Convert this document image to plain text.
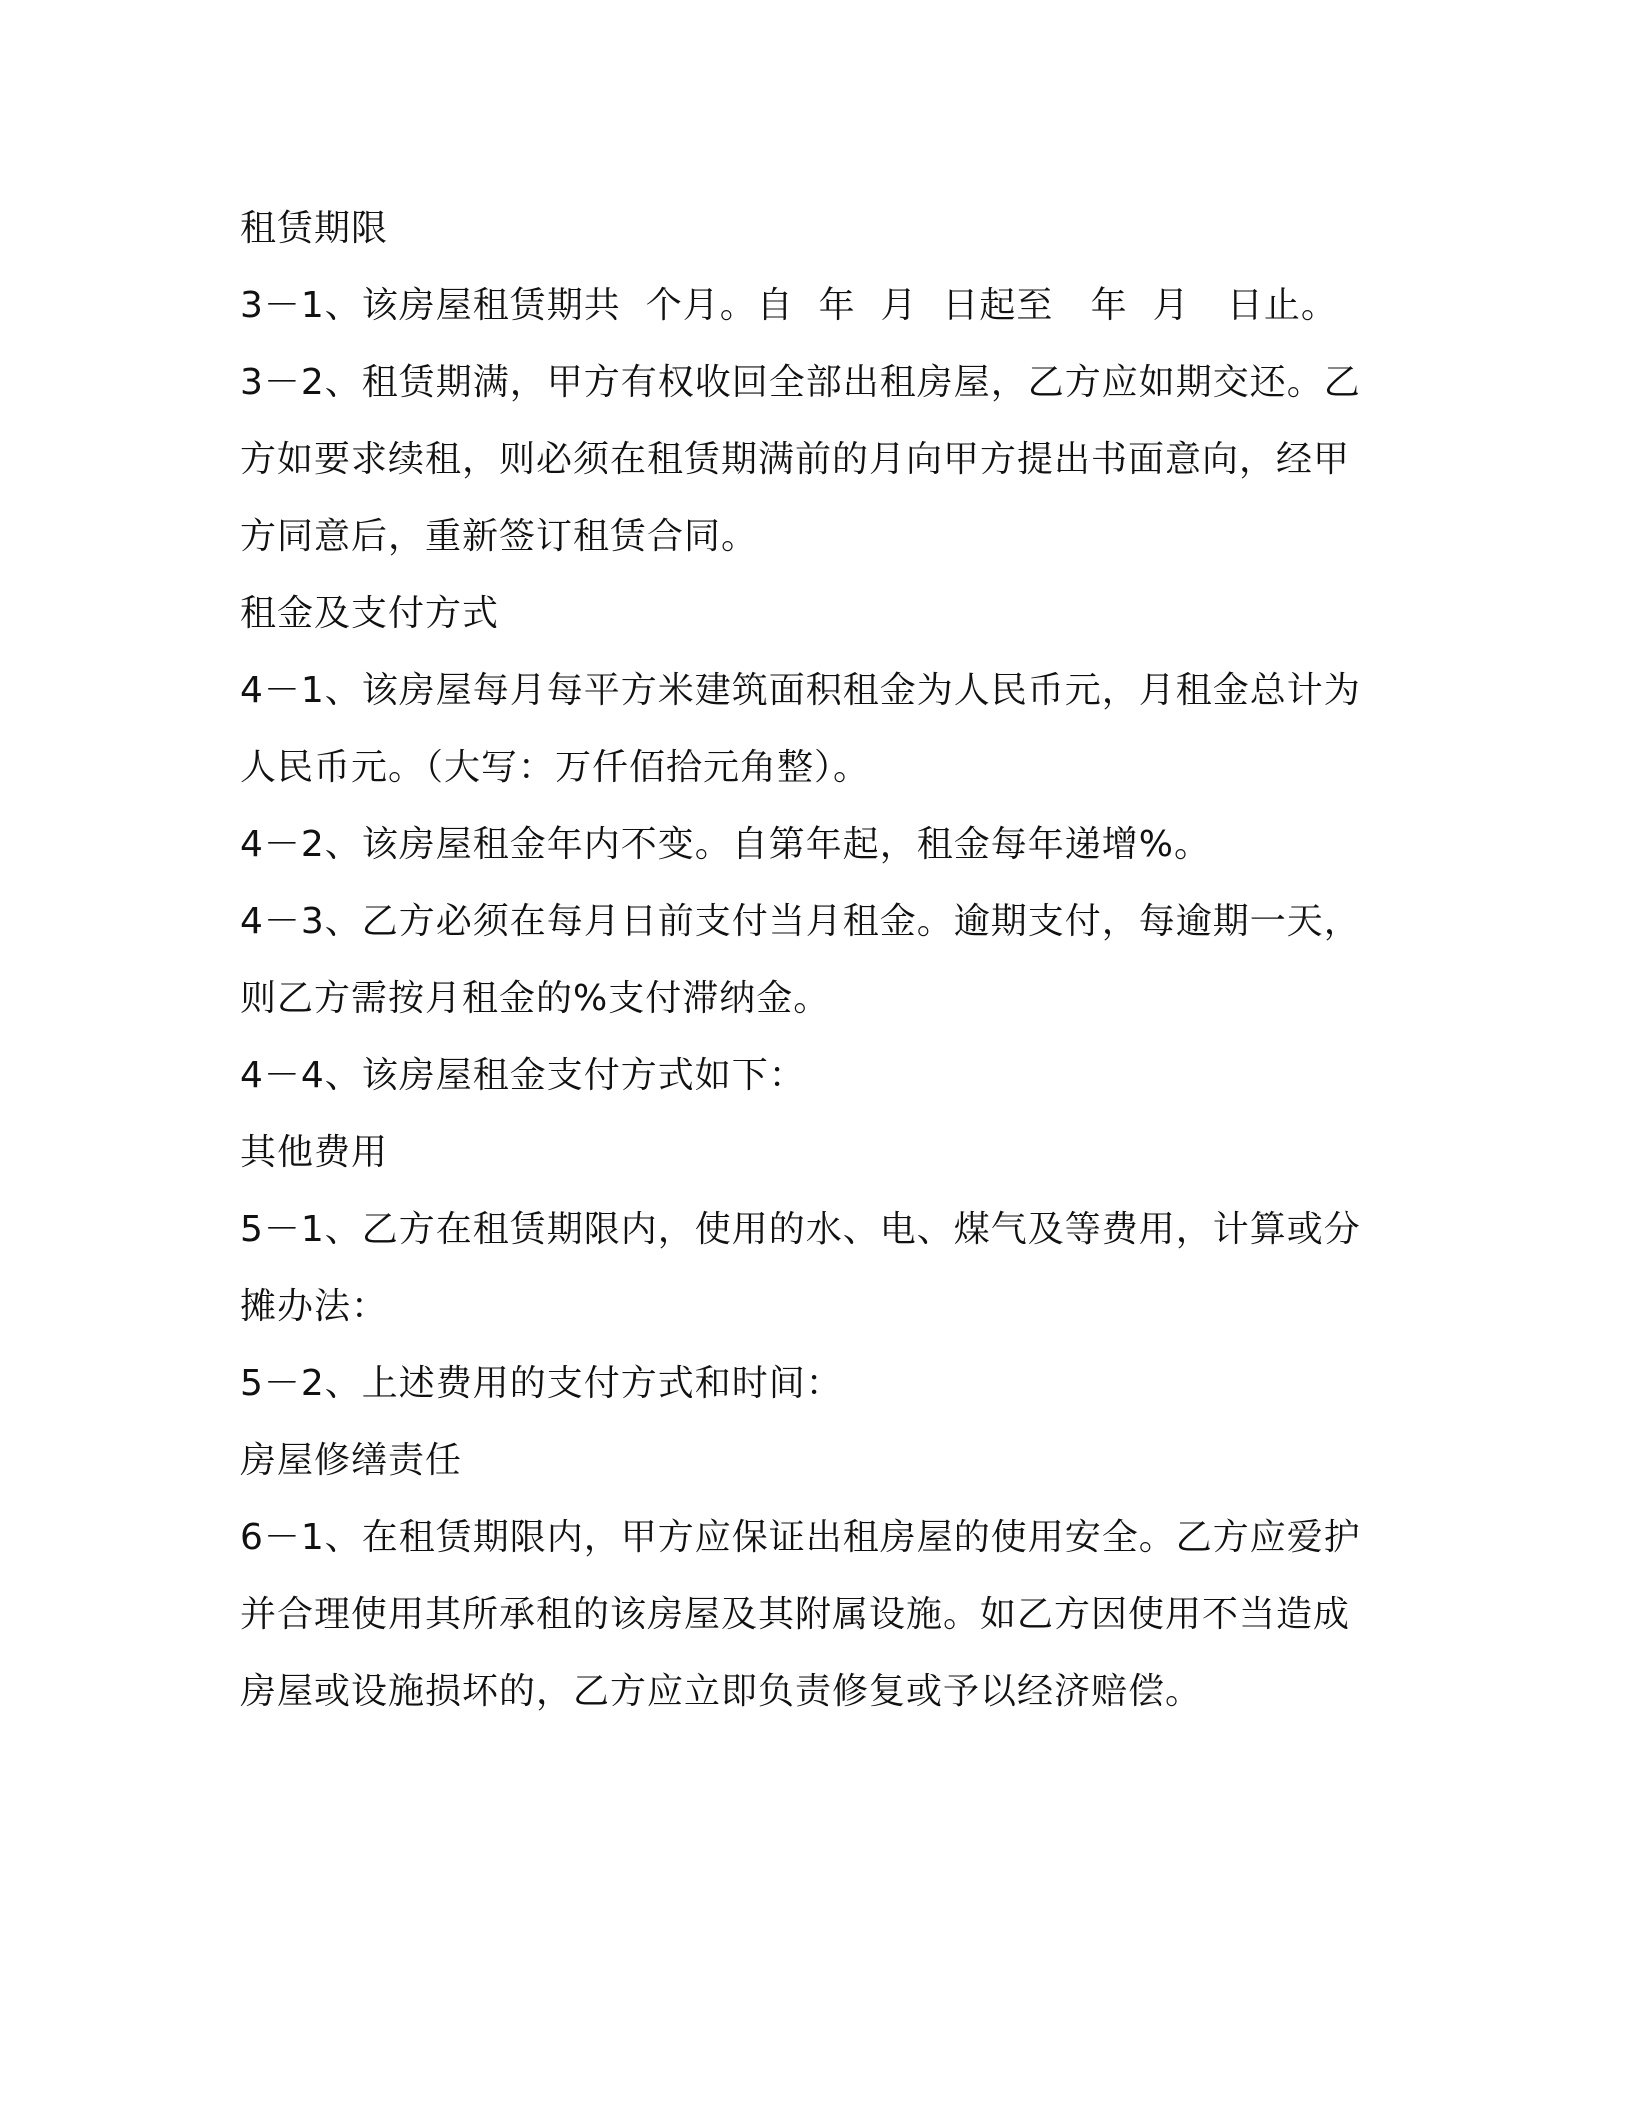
租赁期限
3－1、该房屋租赁期共  个月。自  年  月  日起至   年  月   日止。
3－2、租赁期满，甲方有权收回全部出租房屋，乙方应如期交还。乙
方如要求续租，则必须在租赁期满前的月向甲方提出书面意向，经甲
方同意后，重新签订租赁合同。
租金及支付方式
4－1、该房屋每月每平方米建筑面积租金为人民币元，月租金总计为
人民币元。（大写：万仟佰拾元角整）。
4－2、该房屋租金年内不变。自第年起，租金每年递增%。
4－3、乙方必须在每月日前支付当月租金。逾期支付，每逾期一天，
则乙方需按月租金的%支付滞纳金。
4－4、该房屋租金支付方式如下：
其他费用
5－1、乙方在租赁期限内，使用的水、电、煤气及等费用，计算或分
摊办法：
5－2、上述费用的支付方式和时间：
房屋修缮责任
6－1、在租赁期限内，甲方应保证出租房屋的使用安全。乙方应爱护
并合理使用其所承租的该房屋及其附属设施。如乙方因使用不当造成
房屋或设施损坏的，乙方应立即负责修复或予以经济赔偿。
